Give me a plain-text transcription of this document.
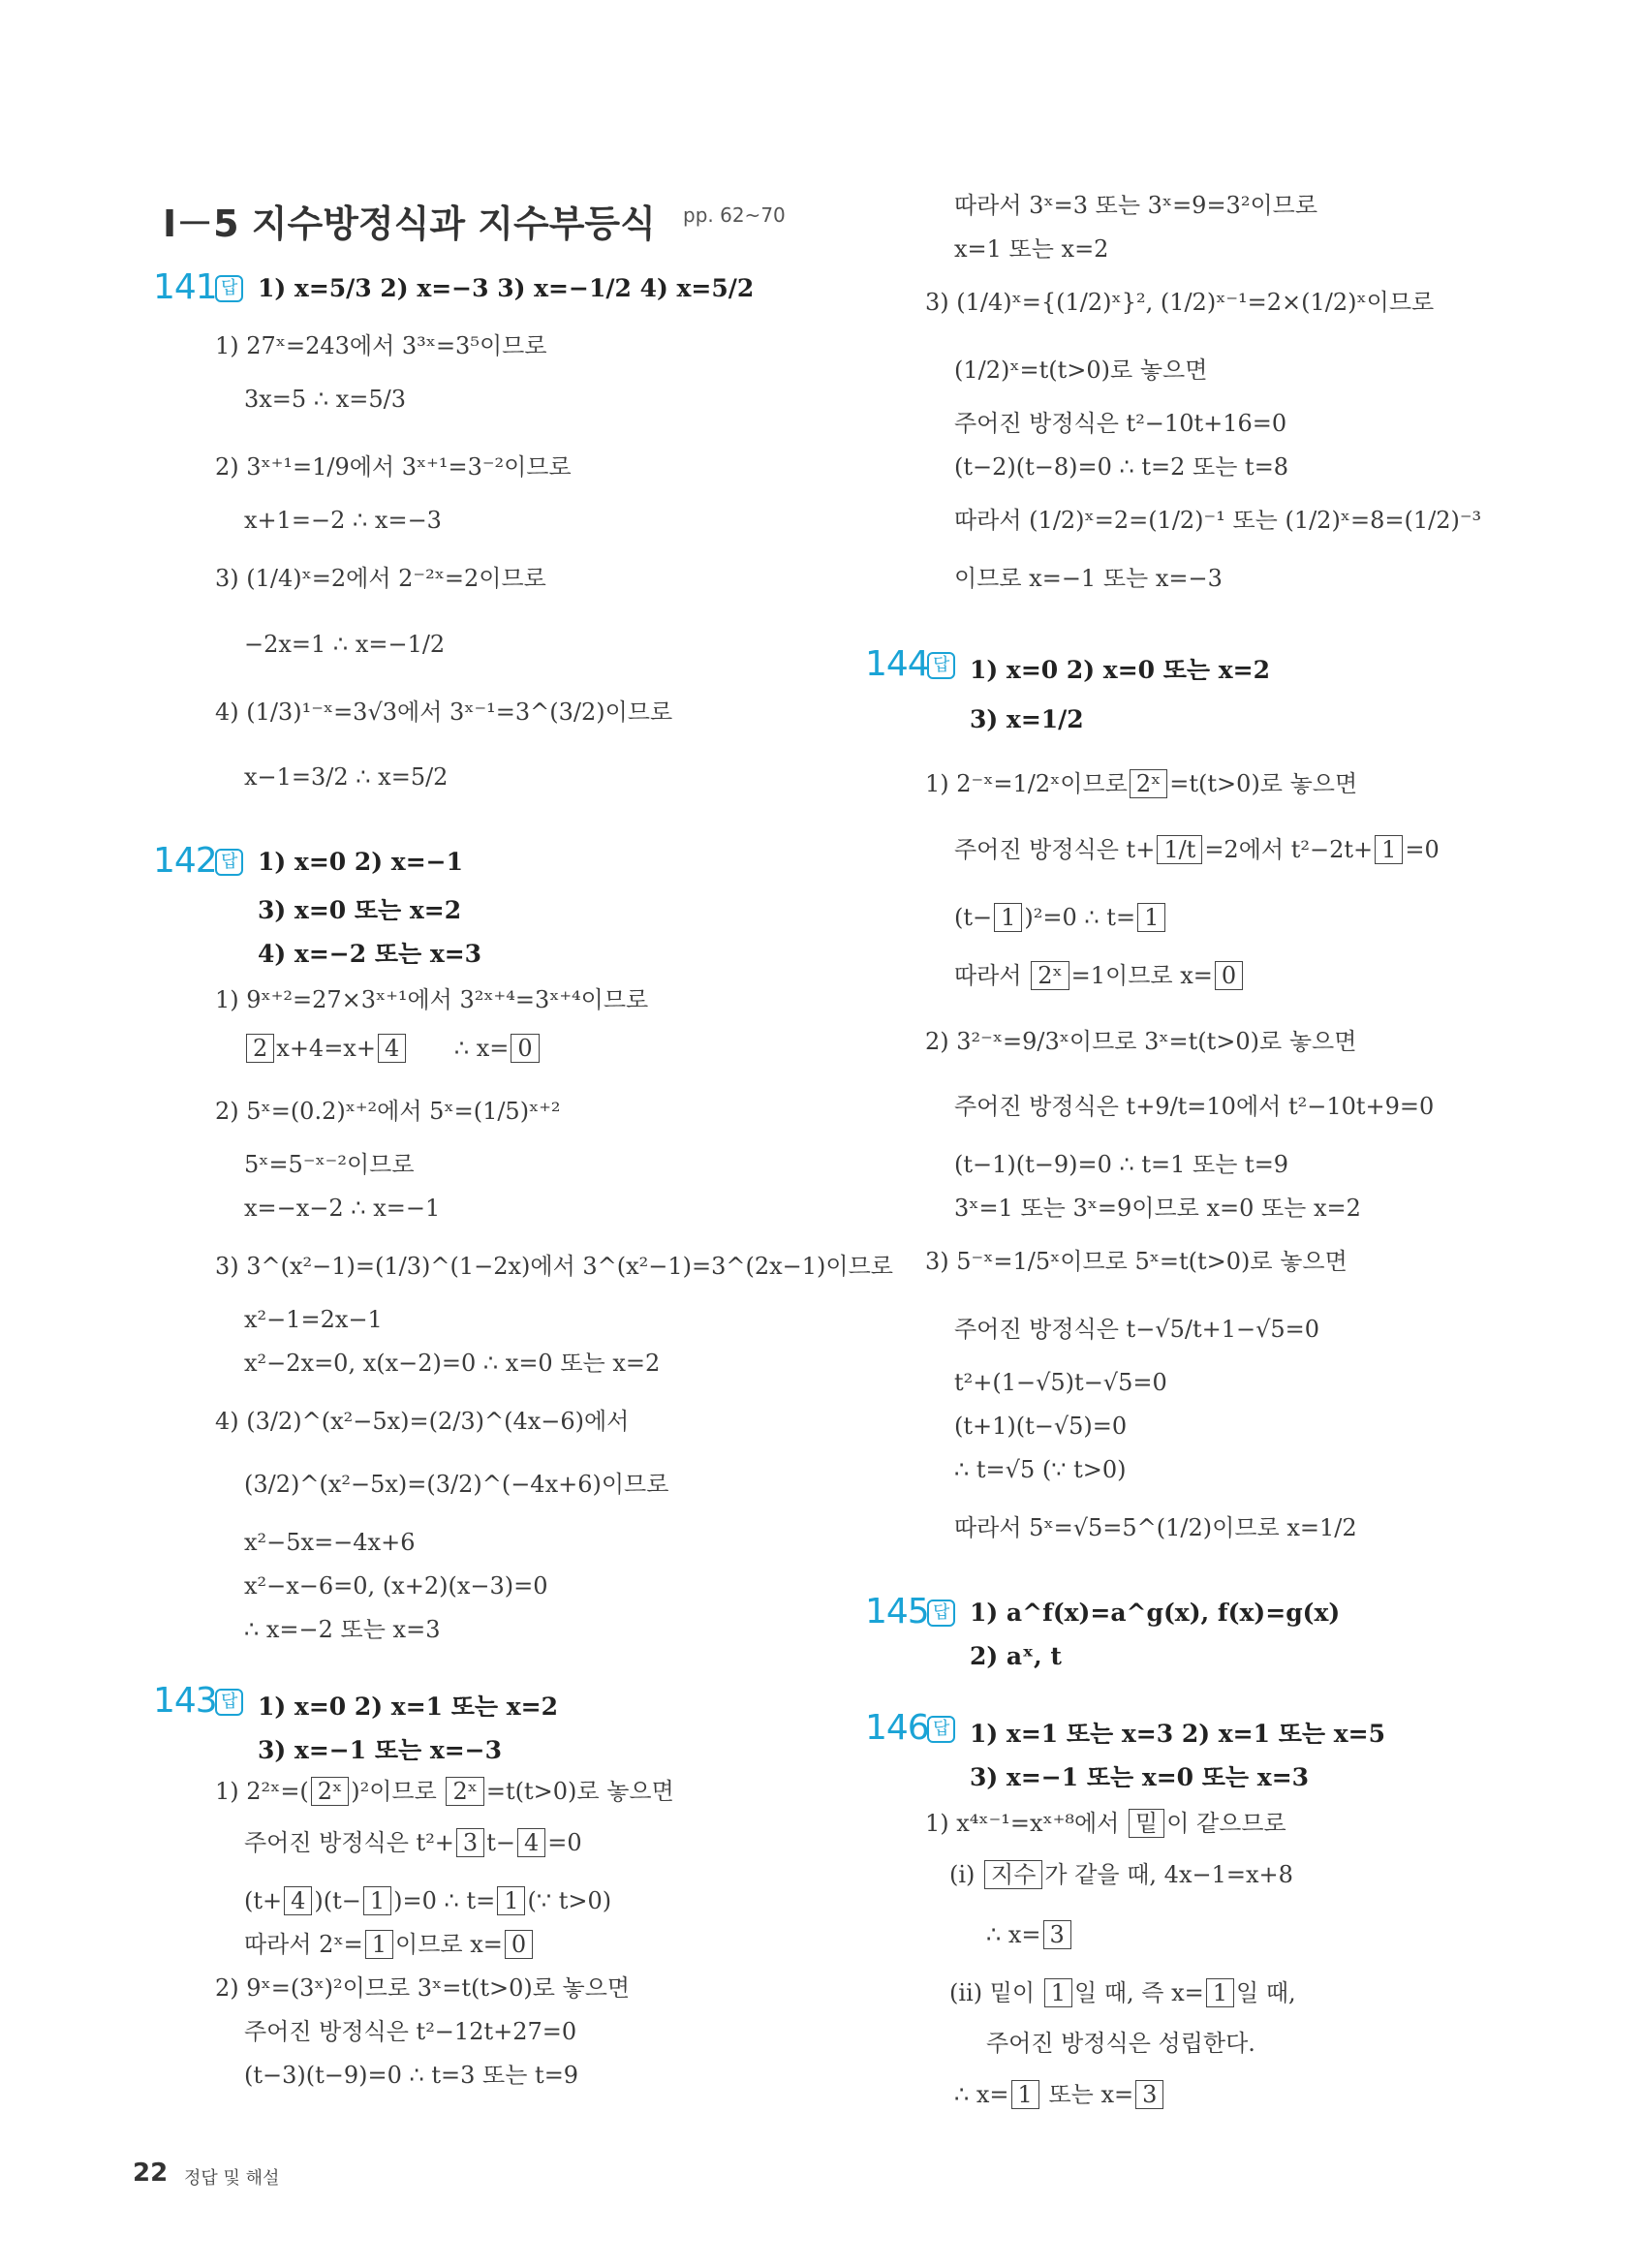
Ⅰ－5 지수방정식과 지수부등식 pp. 62~70
141 답 1) x=5/3 2) x=−3 3) x=−1/2 4) x=5/2
1) 27ˣ=243에서 3³ˣ=3⁵이므로
3x=5 ∴ x=5/3
2) 3ˣ⁺¹=1/9에서 3ˣ⁺¹=3⁻²이므로
x+1=−2 ∴ x=−3
3) (1/4)ˣ=2에서 2⁻²ˣ=2이므로
−2x=1 ∴ x=−1/2
4) (1/3)¹⁻ˣ=3√3에서 3ˣ⁻¹=3^(3/2)이므로
x−1=3/2 ∴ x=5/2
142 답 1) x=0 2) x=−1
3) x=0 또는 x=2
4) x=−2 또는 x=3
1) 9ˣ⁺²=27×3ˣ⁺¹에서 3²ˣ⁺⁴=3ˣ⁺⁴이므로
2 x+4=x+ 4 ∴ x= 0
2) 5ˣ=(0.2)ˣ⁺²에서 5ˣ=(1/5)ˣ⁺²
5ˣ=5⁻ˣ⁻²이므로
x=−x−2 ∴ x=−1
3) 3^(x²−1)=(1/3)^(1−2x)에서 3^(x²−1)=3^(2x−1)이므로
x²−1=2x−1
x²−2x=0, x(x−2)=0 ∴ x=0 또는 x=2
4) (3/2)^(x²−5x)=(2/3)^(4x−6)에서
(3/2)^(x²−5x)=(3/2)^(−4x+6)이므로
x²−5x=−4x+6
x²−x−6=0, (x+2)(x−3)=0
∴ x=−2 또는 x=3
143 답 1) x=0 2) x=1 또는 x=2
3) x=−1 또는 x=−3
1) 2²ˣ=( 2ˣ )²이므로 2ˣ =t(t>0)로 놓으면
주어진 방정식은 t²+ 3 t− 4 =0
(t+ 4 )(t− 1 )=0 ∴ t= 1 (∵ t>0)
따라서 2ˣ= 1 이므로 x= 0
2) 9ˣ=(3ˣ)²이므로 3ˣ=t(t>0)로 놓으면
주어진 방정식은 t²−12t+27=0
(t−3)(t−9)=0 ∴ t=3 또는 t=9
따라서 3ˣ=3 또는 3ˣ=9=3²이므로
x=1 또는 x=2
3) (1/4)ˣ={(1/2)ˣ}², (1/2)ˣ⁻¹=2×(1/2)ˣ이므로
(1/2)ˣ=t(t>0)로 놓으면
주어진 방정식은 t²−10t+16=0
(t−2)(t−8)=0 ∴ t=2 또는 t=8
따라서 (1/2)ˣ=2=(1/2)⁻¹ 또는 (1/2)ˣ=8=(1/2)⁻³
이므로 x=−1 또는 x=−3
144 답 1) x=0 2) x=0 또는 x=2
3) x=1/2
1) 2⁻ˣ=1/2ˣ이므로 2ˣ =t(t>0)로 놓으면
주어진 방정식은 t+ 1/t =2에서 t²−2t+ 1 =0
(t− 1 )²=0 ∴ t= 1
따라서 2ˣ =1이므로 x= 0
2) 3²⁻ˣ=9/3ˣ이므로 3ˣ=t(t>0)로 놓으면
주어진 방정식은 t+9/t=10에서 t²−10t+9=0
(t−1)(t−9)=0 ∴ t=1 또는 t=9
3ˣ=1 또는 3ˣ=9이므로 x=0 또는 x=2
3) 5⁻ˣ=1/5ˣ이므로 5ˣ=t(t>0)로 놓으면
주어진 방정식은 t−√5/t+1−√5=0
t²+(1−√5)t−√5=0
(t+1)(t−√5)=0
∴ t=√5 (∵ t>0)
따라서 5ˣ=√5=5^(1/2)이므로 x=1/2
145 답 1) a^f(x)=a^g(x), f(x)=g(x)
2) aˣ, t
146 답 1) x=1 또는 x=3 2) x=1 또는 x=5
3) x=−1 또는 x=0 또는 x=3
1) x⁴ˣ⁻¹=xˣ⁺⁸에서 밑 이 같으므로
(ⅰ) 지수 가 같을 때, 4x−1=x+8
∴ x= 3
(ⅱ) 밑이 1 일 때, 즉 x= 1 일 때,
주어진 방정식은 성립한다.
∴ x= 1 또는 x= 3
22 정답 및 해설
